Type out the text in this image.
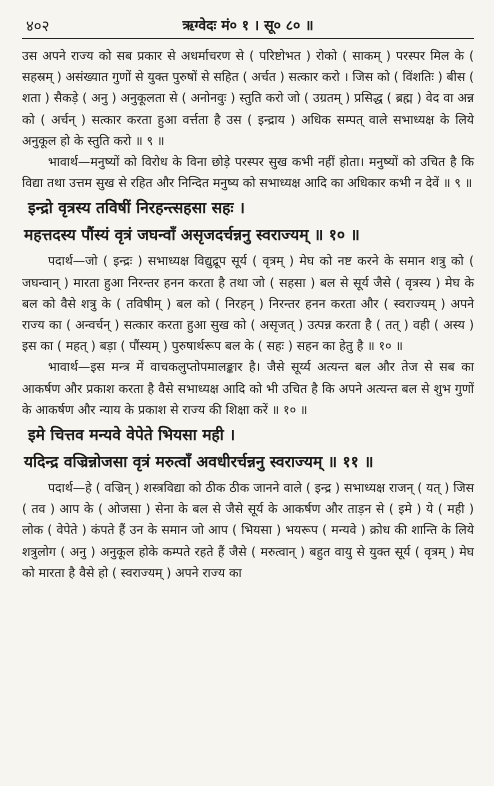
४०२	ऋग्वेदः मं० १ । सू० ८० ॥

उस अपने राज्य को सब प्रकार से अधर्माचरण से ( परिष्टोभत ) रोको ( साकम् ) परस्पर मिल के ( सहस्रम् ) असंख्यात गुणों से युक्त पुरुषों से सहित ( अर्चत ) सत्कार करो । जिस को ( विंशतिः ) बीस ( शता ) सैकड़े ( अनु ) अनुकूलता से ( अनोनवुः ) स्तुति करो जो ( उग्रतम् ) प्रसिद्ध ( ब्रह्म ) वेद वा अन्न को ( अर्चन् ) सत्कार करता हुआ वर्त्तता है उस ( इन्द्राय ) अधिक सम्पत् वाले सभाध्यक्ष के लिये अनुकूल हो के स्तुति करो ॥ ९ ॥

भावार्थ—मनुष्यों को विरोध के विना छोड़े परस्पर सुख कभी नहीं होता। मनुष्यों को उचित है कि विद्या तथा उत्तम सुख से रहित और निन्दित मनुष्य को सभाध्यक्ष आदि का अधिकार कभी न देवें ॥ ९ ॥

इन्द्रो वृत्रस्य तविषीं निरहन्त्सहसा सहः ।
महत्तदस्य पौंस्यं वृत्रं जघन्वाँ असृजदर्चन्ननु स्वराज्यम् ॥ १० ॥

पदार्थ—जो ( इन्द्रः ) सभाध्यक्ष विद्युद्रूप सूर्य ( वृत्रम् ) मेघ को नष्ट करने के समान शत्रु को ( जघन्वान् ) मारता हुआ निरन्तर हनन करता है तथा जो ( सहसा ) बल से सूर्य जैसे ( वृत्रस्य ) मेघ के बल को वैसे शत्रु के ( तविषीम् ) बल को ( निरहन् ) निरन्तर हनन करता और ( स्वराज्यम् ) अपने राज्य का ( अन्वर्चन् ) सत्कार करता हुआ सुख को ( असृजत् ) उत्पन्न करता है ( तत् ) वही ( अस्य ) इस का ( महत् ) बड़ा ( पौंस्यम् ) पुरुषार्थरूप बल के ( सहः ) सहन का हेतु है ॥ १० ॥

भावार्थ—इस मन्त्र में वाचकलुप्तोपमालङ्कार है। जैसे सूर्य्य अत्यन्त बल और तेज से सब का आकर्षण और प्रकाश करता है वैसे सभाध्यक्ष आदि को भी उचित है कि अपने अत्यन्त बल से शुभ गुणों के आकर्षण और न्याय के प्रकाश से राज्य की शिक्षा करें ॥ १० ॥

इमे चित्तव मन्यवे वेपेते भियसा मही ।
यदिन्द्र वज्रिन्नोजसा वृत्रं मरुत्वाँ अवधीरर्चन्ननु स्वराज्यम् ॥ ११ ॥

पदार्थ—हे ( वज्रिन् ) शस्त्रविद्या को ठीक ठीक जानने वाले ( इन्द्र ) सभाध्यक्ष राजन् ( यत् ) जिस ( तव ) आप के ( ओजसा ) सेना के बल से जैसे सूर्य के आकर्षण और ताड़न से ( इमे ) ये ( मही ) लोक ( वेपेते ) कंपते हैं उन के समान जो आप ( भियसा ) भयरूप ( मन्यवे ) क्रोध की शान्ति के लिये शत्रुलोग ( अनु ) अनुकूल होके कम्पते रहते हैं जैसे ( मरुत्वान् ) बहुत वायु से युक्त सूर्य ( वृत्रम् ) मेघ को मारता है वैसे हो ( स्वराज्यम् ) अपने राज्य का
